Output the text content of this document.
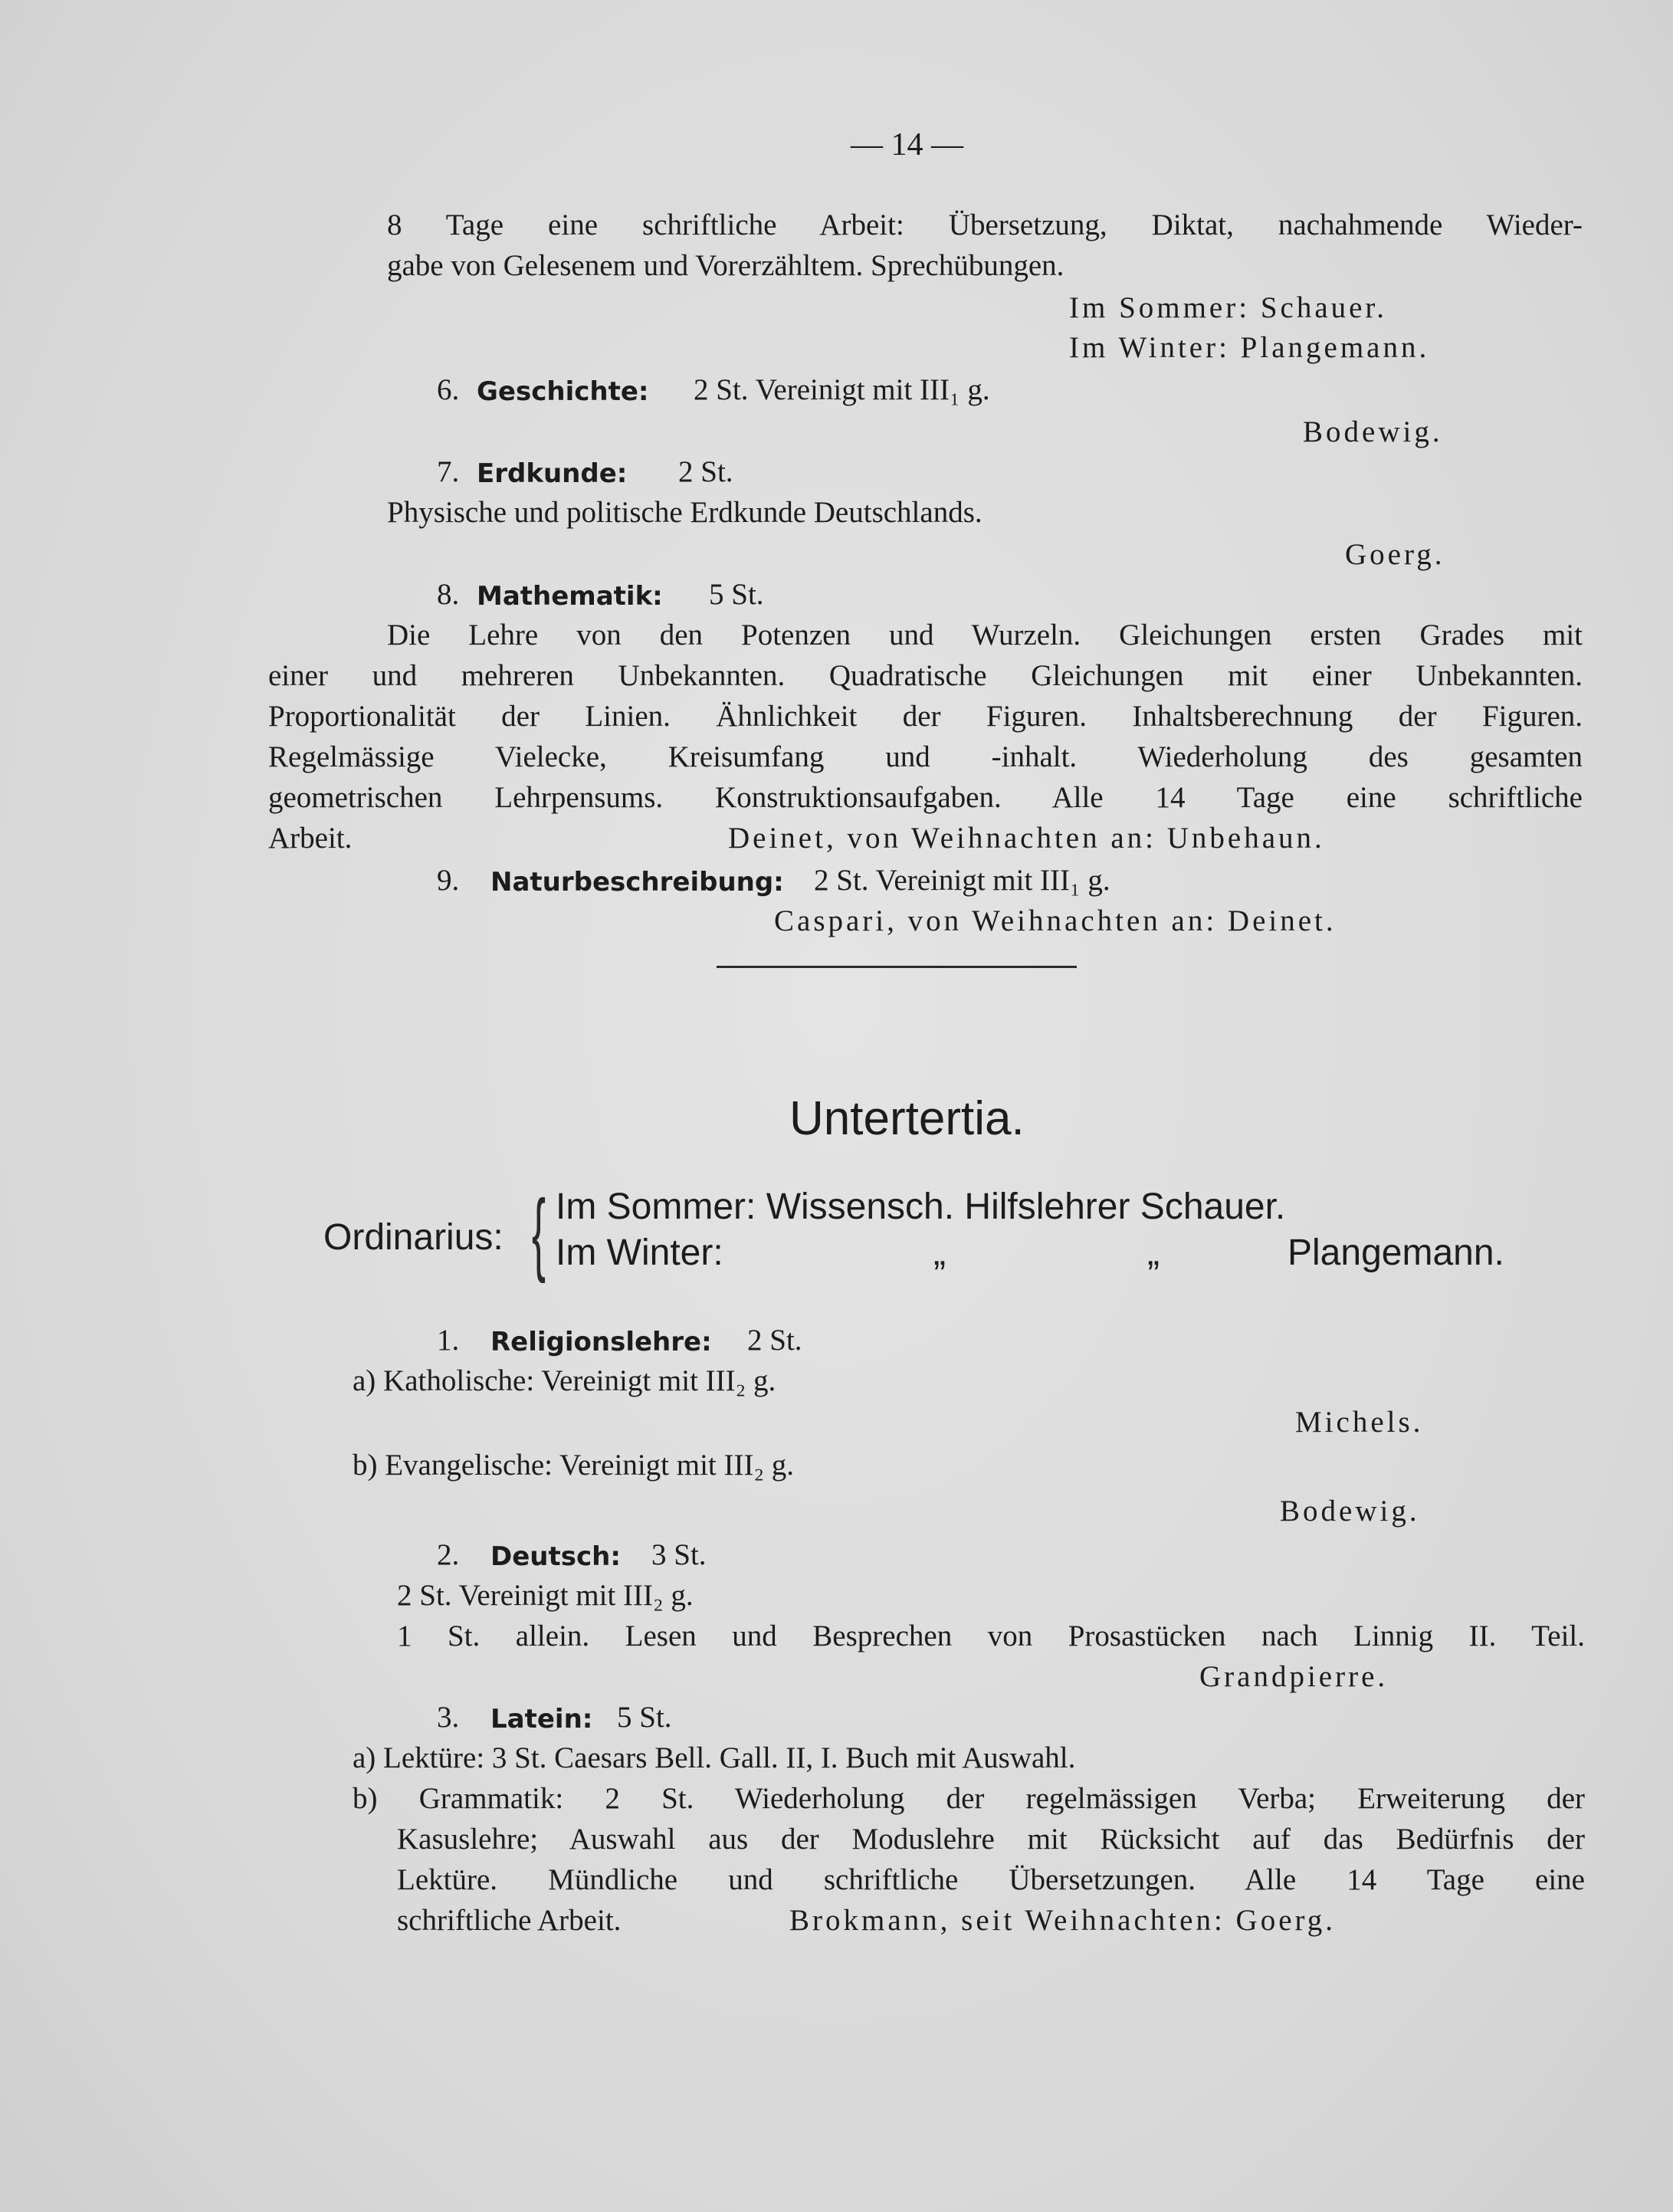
— 14 —
8 Tage eine schriftliche Arbeit: Übersetzung, Diktat, nachahmende Wieder-
gabe von Gelesenem und Vorerzähltem. Sprechübungen.
Im Sommer: Schauer.
Im Winter: Plangemann.
6. Geschichte: 2 St. Vereinigt mit III₁ g.
Bodewig.
7. Erdkunde: 2 St.
Physische und politische Erdkunde Deutschlands.
Goerg.
8. Mathematik: 5 St.
Die Lehre von den Potenzen und Wurzeln. Gleichungen ersten Grades mit
einer und mehreren Unbekannten. Quadratische Gleichungen mit einer Unbekannten.
Proportionalität der Linien. Ähnlichkeit der Figuren. Inhaltsberechnung der Figuren.
Regelmässige Vielecke, Kreisumfang und -inhalt. Wiederholung des gesamten
geometrischen Lehrpensums. Konstruktionsaufgaben. Alle 14 Tage eine schriftliche
Arbeit.	Deinet, von Weihnachten an: Unbehaun.
9. Naturbeschreibung: 2 St. Vereinigt mit III₁ g.
Caspari, von Weihnachten an: Deinet.
Untertertia.
Ordinarius: { Im Sommer: Wissensch. Hilfslehrer Schauer.
Im Winter:	„	„	Plangemann.
1. Religionslehre: 2 St.
a) Katholische: Vereinigt mit III₂ g.
Michels.
b) Evangelische: Vereinigt mit III₂ g.
Bodewig.
2. Deutsch: 3 St.
2 St. Vereinigt mit III₂ g.
1 St. allein. Lesen und Besprechen von Prosastücken nach Linnig II. Teil.
Grandpierre.
3. Latein: 5 St.
a) Lektüre: 3 St. Caesars Bell. Gall. II, I. Buch mit Auswahl.
b) Grammatik: 2 St. Wiederholung der regelmässigen Verba; Erweiterung der
Kasuslehre; Auswahl aus der Moduslehre mit Rücksicht auf das Bedürfnis der
Lektüre. Mündliche und schriftliche Übersetzungen. Alle 14 Tage eine
schriftliche Arbeit.	Brokmann, seit Weihnachten: Goerg.
